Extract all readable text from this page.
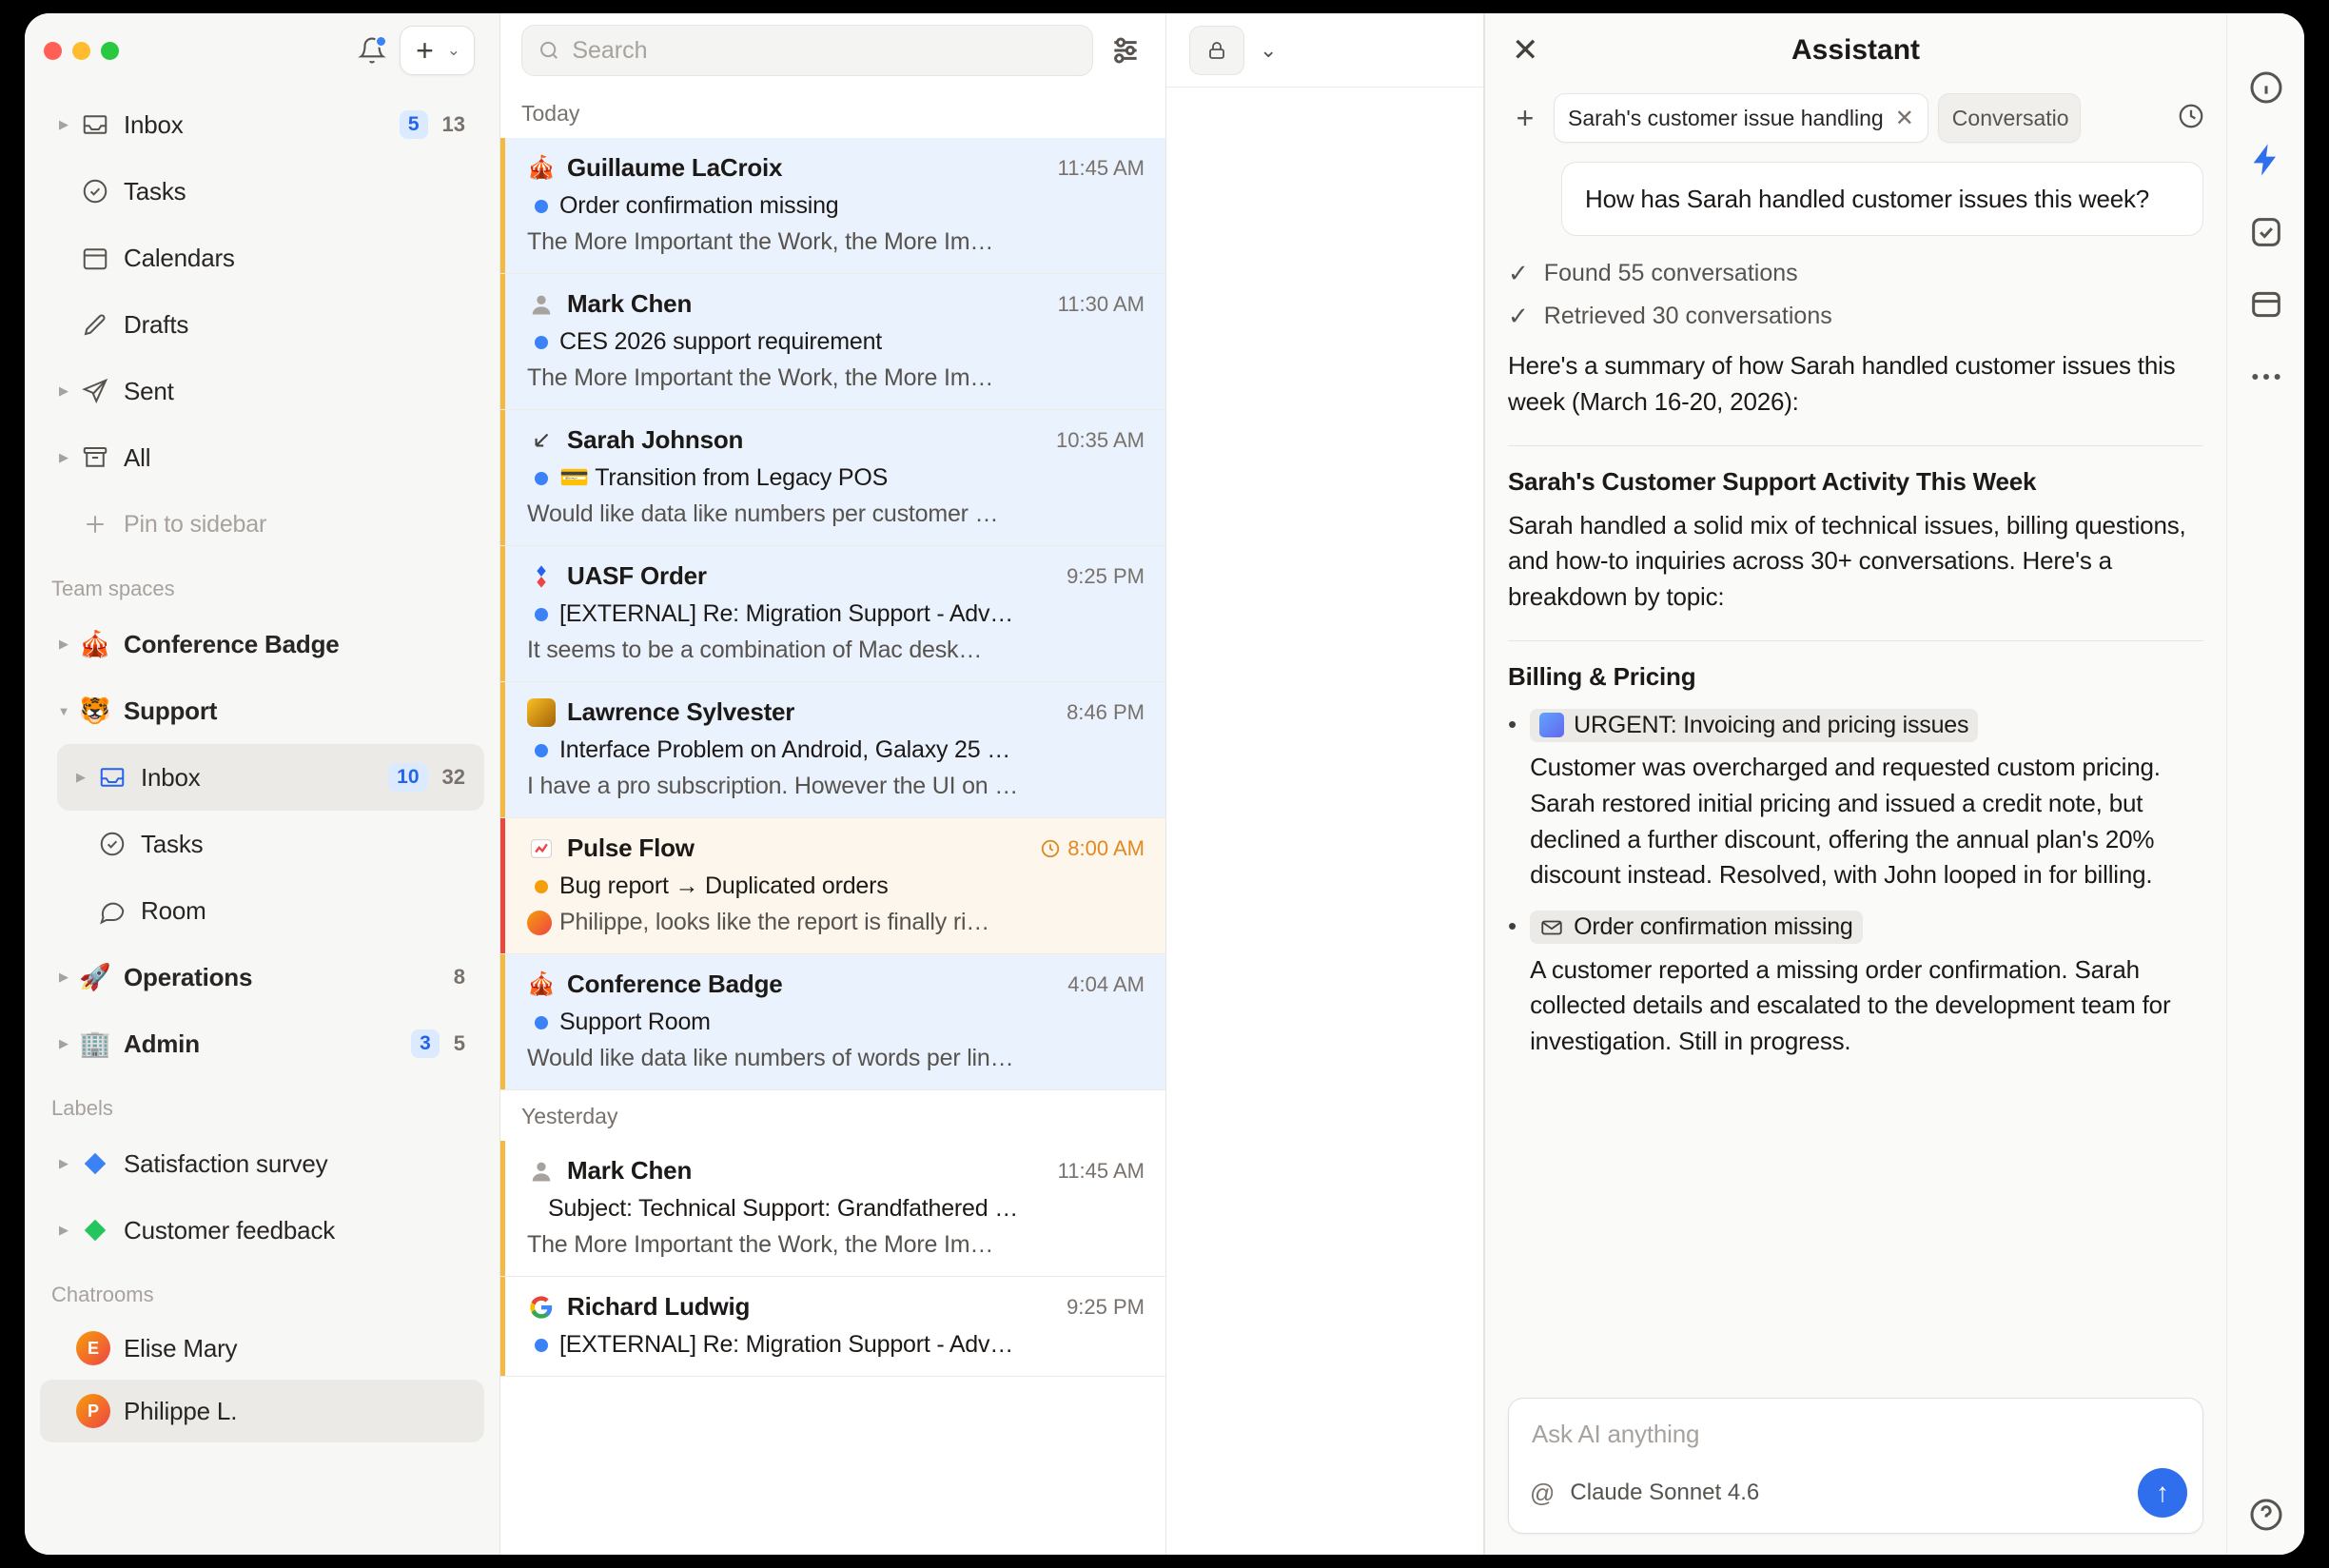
+ ⌄
▶	Inbox	5	13
Tasks
Calendars
Drafts
▶	Sent
▶	All
Pin to sidebar
Team spaces
▶ 🎪 Conference Badge
▼ 🐯 Support
▶	Inbox	10	32
Tasks
Room
▶ 🚀 Operations	8
▶ 🏢 Admin	3	5
Labels
▶	Satisfaction survey
▶	Customer feedback
Chatrooms
E	Elise Mary
P	Philippe L.
Search
Today
🎪 Guillaume LaCroix	11:45 AM
Order confirmation missing
The More Important the Work, the More Im…
Mark Chen	11:30 AM
CES 2026 support requirement
The More Important the Work, the More Im…
Sarah Johnson	10:35 AM
💳 Transition from Legacy POS
Would like data like numbers per customer …
UASF Order	9:25 PM
[EXTERNAL] Re: Migration Support - Adv…
It seems to be a combination of Mac desk…
Lawrence Sylvester	8:46 PM
Interface Problem on Android, Galaxy 25 …
I have a pro subscription. However the UI on …
Pulse Flow	8:00 AM
Bug report → Duplicated orders
Philippe, looks like the report is finally ri…
🎪 Conference Badge	4:04 AM
Support Room
Would like data like numbers of words per lin…
Yesterday
Mark Chen	11:45 AM
Subject: Technical Support: Grandfathered …
The More Important the Work, the More Im…
Richard Ludwig	9:25 PM
[EXTERNAL] Re: Migration Support - Adv…
⌄	✕	Assistant
+	Sarah's customer issue handling ✕ Conversatio
How has Sarah handled customer issues this week?
✓ Found 55 conversations
✓ Retrieved 30 conversations
Here's a summary of how Sarah handled customer issues this week (March 16-20, 2026):
Sarah's Customer Support Activity This Week
Sarah handled a solid mix of technical issues, billing questions, and how-to inquiries across 30+ conversations. Here's a breakdown by topic:
Billing & Pricing
• URGENT: Invoicing and pricing issues

Customer was overcharged and requested custom pricing. Sarah restored initial pricing and issued a credit note, but declined a further discount, offering the annual plan's 20% discount instead. Resolved, with John looped in for billing.

• Order confirmation missing

A customer reported a missing order confirmation. Sarah collected details and escalated to the development team for investigation. Still in progress.

Ask AI anything
@ Claude Sonnet 4.6	↑
